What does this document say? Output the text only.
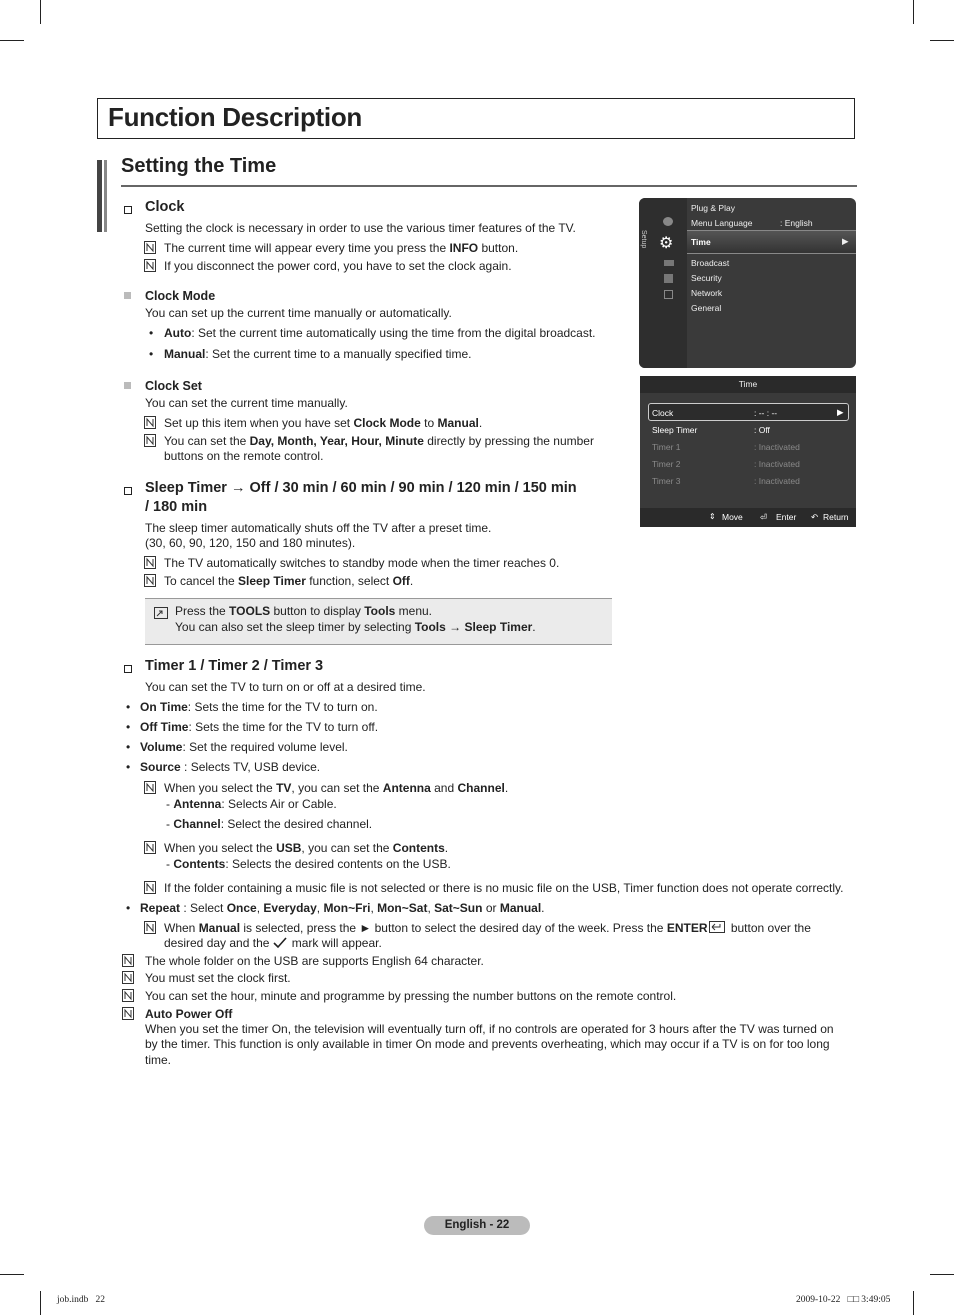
Function Description
Setting the Time
Clock
Setting the clock is necessary in order to use the various timer features of the TV.
The current time will appear every time you press the INFO button.
If you disconnect the power cord, you have to set the clock again.
Clock Mode
You can set up the current time manually or automatically.
• Auto: Set the current time automatically using the time from the digital broadcast.
• Manual: Set the current time to a manually specified time.
Clock Set
You can set the current time manually.
Set up this item when you have set Clock Mode to Manual.
You can set the Day, Month, Year, Hour, Minute directly by pressing the number
buttons on the remote control.
Sleep Timer → Off / 30 min / 60 min / 90 min / 120 min / 150 min
/ 180 min
The sleep timer automatically shuts off the TV after a preset time.
(30, 60, 90, 120, 150 and 180 minutes).
The TV automatically switches to standby mode when the timer reaches 0.
To cancel the Sleep Timer function, select Off.
Press the TOOLS button to display Tools menu.
You can also set the sleep timer by selecting Tools → Sleep Timer.
Timer 1 / Timer 2 / Timer 3
You can set the TV to turn on or off at a desired time.
• On Time: Sets the time for the TV to turn on.
• Off Time: Sets the time for the TV to turn off.
• Volume: Set the required volume level.
• Source : Selects TV, USB device.
When you select the TV, you can set the Antenna and Channel.
- Antenna: Selects Air or Cable.
- Channel: Select the desired channel.
When you select the USB, you can set the Contents.
- Contents: Selects the desired contents on the USB.
If the folder containing a music file is not selected or there is no music file on the USB, Timer function does not operate correctly.
• Repeat : Select Once, Everyday, Mon~Fri, Mon~Sat, Sat~Sun or Manual.
When Manual is selected, press the ► button to select the desired day of the week. Press the ENTER button over the
desired day and the mark will appear.
The whole folder on the USB are supports English 64 character.
You must set the clock first.
You can set the hour, minute and programme by pressing the number buttons on the remote control.
Auto Power Off
When you set the timer On, the television will eventually turn off, if no controls are operated for 3 hours after the TV was turned on
by the timer. This function is only available in timer On mode and prevents overheating, which may occur if a TV is on for too long
time.
Setup ⚙
Plug & Play
Menu Language	: English
Time	▶
Broadcast
Security
Network
General
Time
Clock	: -- : --	▶
Sleep Timer	: Off
Timer 1	: Inactivated
Timer 2	: Inactivated
Timer 3	: Inactivated
⇕ Move ⏎ Enter ↶ Return
English - 22
job.indb   22	2009-10-22   □□ 3:49:05
